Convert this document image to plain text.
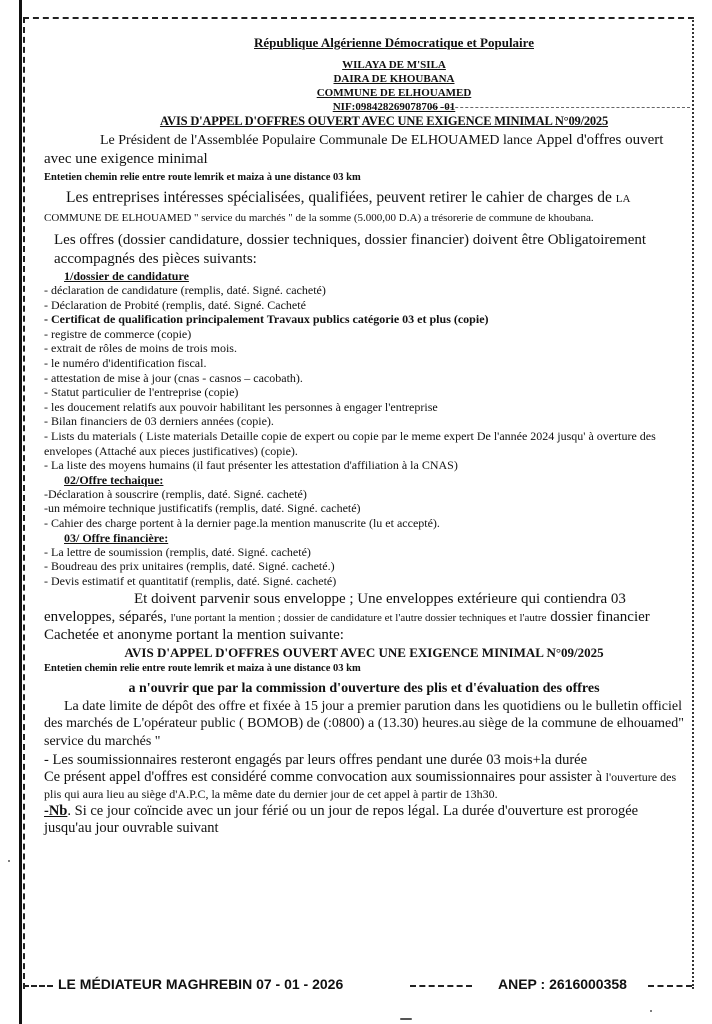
République Algérienne Démocratique et Populaire
WILAYA DE M'SILA
DAIRA DE KHOUBANA
COMMUNE DE ELHOUAMED
NIF:098428269078706 -01
AVIS D'APPEL D'OFFRES OUVERT AVEC UNE EXIGENCE MINIMAL N°09/2025

Le Président de l'Assemblée Populaire Communale De ELHOUAMED lance Appel d'offres ouvert avec une exigence minimal

Entetien chemin relie entre route lemrik et maiza à une distance 03 km

Les entreprises intéresses spécialisées, qualifiées, peuvent retirer le cahier de charges de LA COMMUNE DE ELHOUAMED " service du marchés " de la somme (5.000,00 D.A) a trésorerie de commune de khoubana.

Les offres (dossier candidature, dossier techniques, dossier financier) doivent être Obligatoirement accompagnés des pièces suivants:

1/dossier de candidature
- déclaration de candidature (remplis, daté. Signé. cacheté)
- Déclaration de Probité (remplis, daté. Signé. Cacheté
- Certificat de qualification principalement Travaux publics catégorie 03 et plus (copie)
- registre de commerce (copie)
- extrait de rôles de moins de trois mois.
- le numéro d'identification fiscal.
- attestation de mise à jour (cnas - casnos – cacobath).
- Statut particulier de l'entreprise (copie)
- les doucement relatifs aux pouvoir habilitant les personnes à engager l'entreprise
- Bilan financiers de 03 derniers années (copie).
- Lists du materials ( Liste materials Detaille copie de expert ou copie par le meme expert De l'année 2024 jusqu' à overture des envelopes (Attaché aux pieces justificatives) (copie).
- La liste des moyens humains (il faut présenter les attestation d'affiliation à la CNAS)
02/Offre techaique:
-Déclaration à souscrire (remplis, daté. Signé. cacheté)
-un mémoire technique justificatifs (remplis, daté. Signé. cacheté)
- Cahier des charge portent à la dernier page.la mention manuscrite (lu et accepté).
03/ Offre financière:
- La lettre de soumission (remplis, daté. Signé. cacheté)
- Boudreau des prix unitaires (remplis, daté. Signé. cacheté.)
- Devis estimatif et quantitatif (remplis, daté. Signé. cacheté)

Et doivent parvenir sous enveloppe ; Une enveloppes extérieure qui contiendra 03 enveloppes, séparés, l'une portant la mention ; dossier de candidature et l'autre dossier techniques et l'autre dossier financier Cachetée et anonyme portant la mention suivante:

AVIS D'APPEL D'OFFRES OUVERT AVEC UNE EXIGENCE MINIMAL N°09/2025

Entetien chemin relie entre route lemrik et maiza à une distance 03 km

a n'ouvrir que par la commission d'ouverture des plis et d'évaluation des offres

La date limite de dépôt des offre et fixée à 15 jour a premier parution dans les quotidiens ou le bulletin officiel des marchés de L'opérateur public ( BOMOB) de (:0800) a (13.30) heures.au siège de la commune de elhouamed" service du marchés "

- Les soumissionnaires resteront engagés par leurs offres pendant une durée 03 mois+la durée

Ce présent appel d'offres est considéré comme convocation aux soumissionnaires pour assister à l'ouverture des plis qui aura lieu au siège d'A.P.C, la même date du dernier jour de cet appel à partir de 13h30.

-Nb. Si ce jour coïncide avec un jour férié ou un jour de repos légal. La durée d'ouverture est prorogée jusqu'au jour ouvrable suivant

LE MÉDIATEUR MAGHREBIN 07 - 01 - 2026	ANEP : 2616000358
